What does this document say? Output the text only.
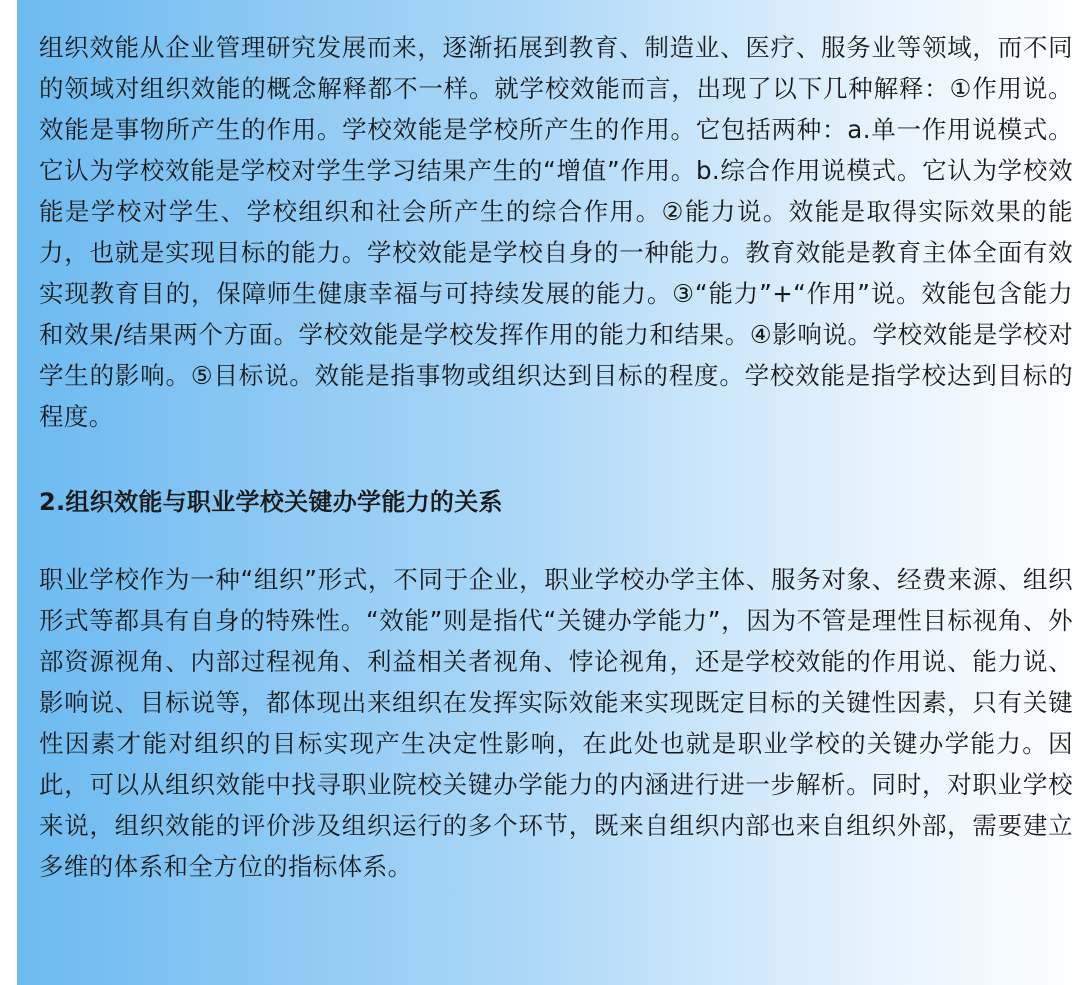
组织效能从企业管理研究发展而来，逐渐拓展到教育、制造业、医疗、服务业等领域，而不同的领域对组织效能的概念解释都不一样。就学校效能而言，出现了以下几种解释：①作用说。效能是事物所产生的作用。学校效能是学校所产生的作用。它包括两种：a.单一作用说模式。它认为学校效能是学校对学生学习结果产生的“增值”作用。b.综合作用说模式。它认为学校效能是学校对学生、学校组织和社会所产生的综合作用。②能力说。效能是取得实际效果的能力，也就是实现目标的能力。学校效能是学校自身的一种能力。教育效能是教育主体全面有效实现教育目的，保障师生健康幸福与可持续发展的能力。③“能力”+“作用”说。效能包含能力和效果/结果两个方面。学校效能是学校发挥作用的能力和结果。④影响说。学校效能是学校对学生的影响。⑤目标说。效能是指事物或组织达到目标的程度。学校效能是指学校达到目标的程度。

2.组织效能与职业学校关键办学能力的关系

职业学校作为一种“组织”形式，不同于企业，职业学校办学主体、服务对象、经费来源、组织形式等都具有自身的特殊性。“效能”则是指代“关键办学能力”，因为不管是理性目标视角、外部资源视角、内部过程视角、利益相关者视角、悖论视角，还是学校效能的作用说、能力说、影响说、目标说等，都体现出来组织在发挥实际效能来实现既定目标的关键性因素，只有关键性因素才能对组织的目标实现产生决定性影响，在此处也就是职业学校的关键办学能力。因此，可以从组织效能中找寻职业院校关键办学能力的内涵进行进一步解析。同时，对职业学校来说，组织效能的评价涉及组织运行的多个环节，既来自组织内部也来自组织外部，需要建立多维的体系和全方位的指标体系。
